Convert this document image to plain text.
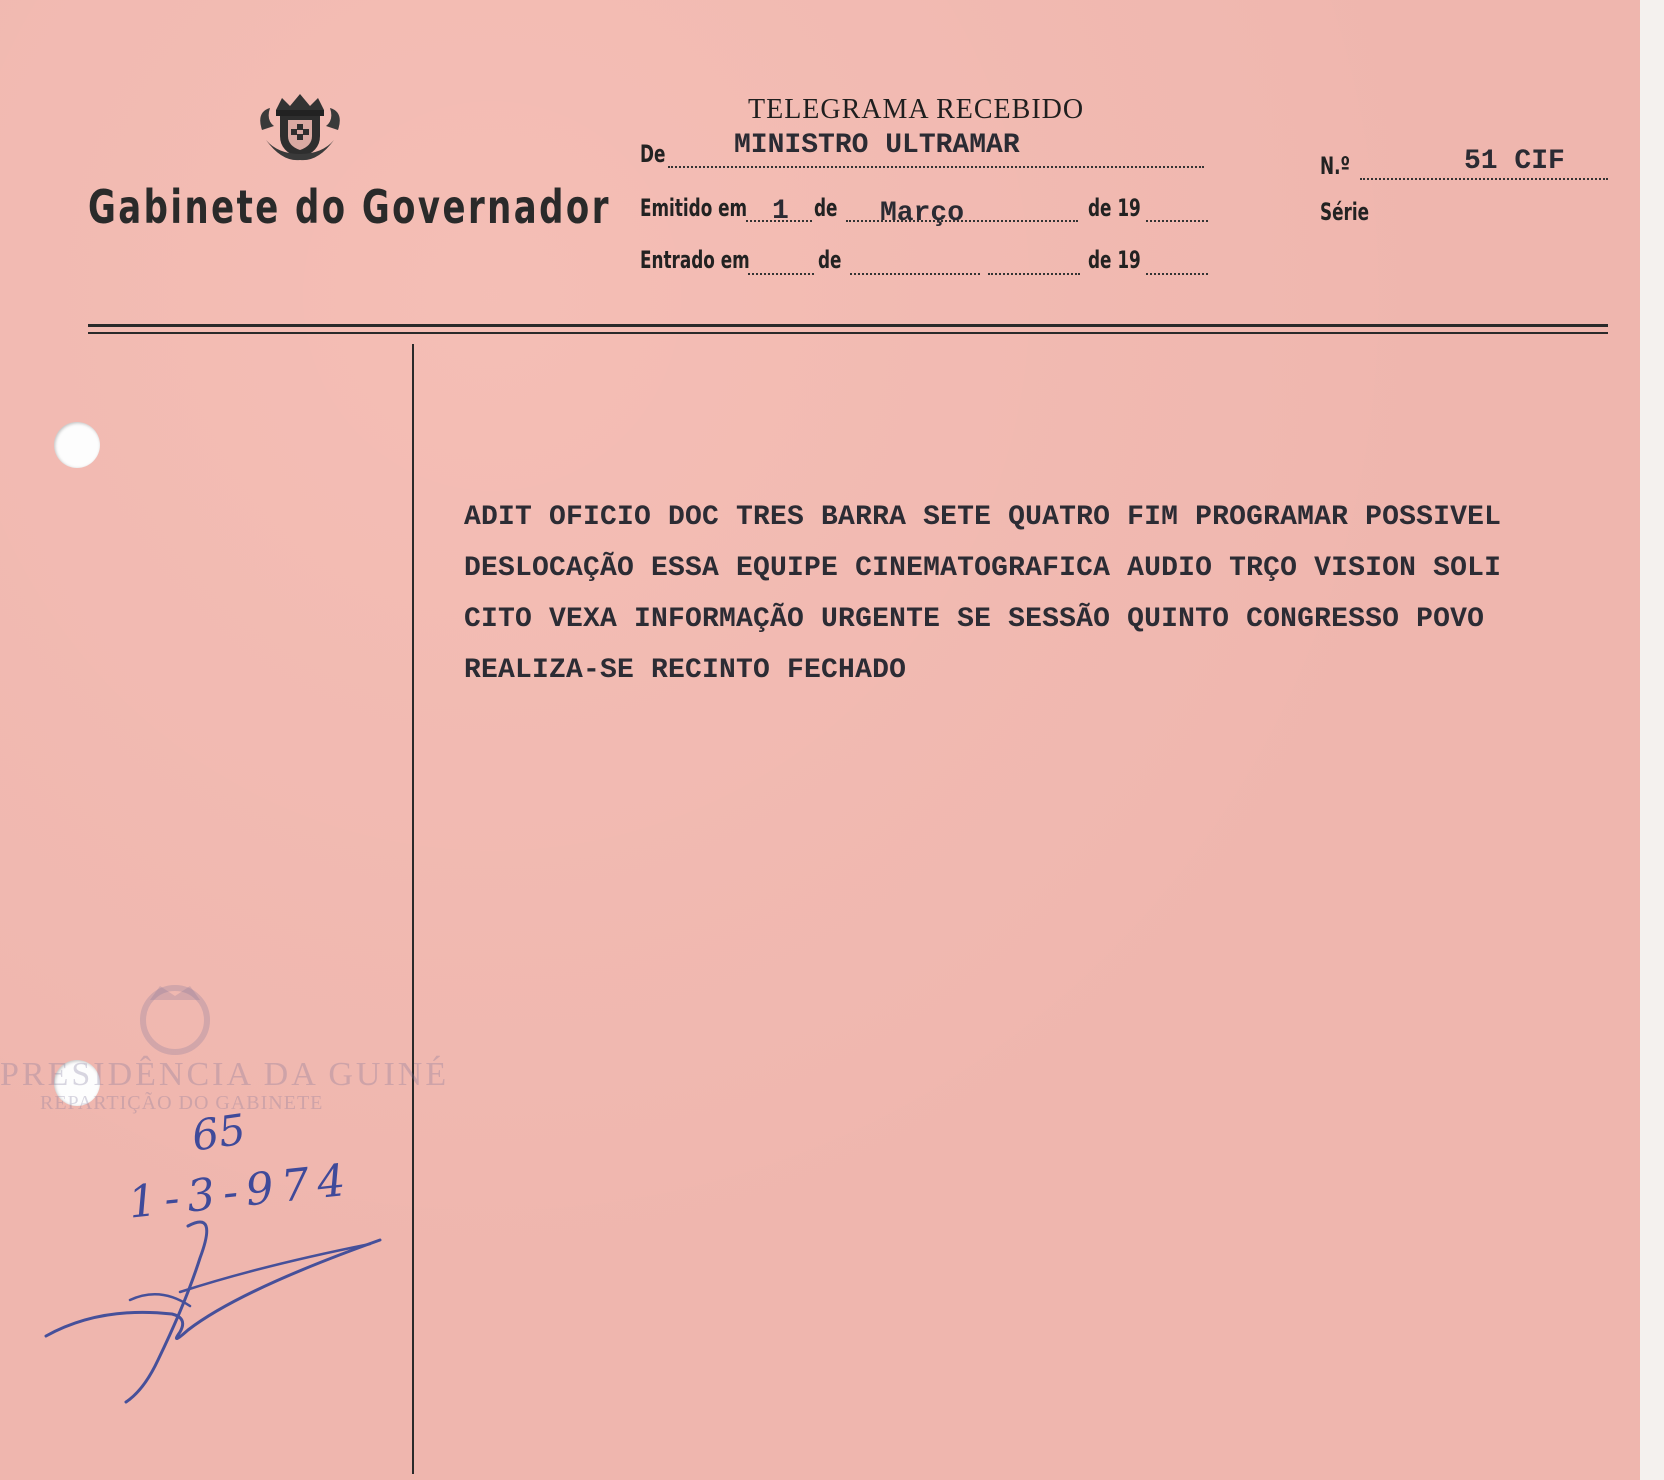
Gabinete do Governador
TELEGRAMA RECEBIDO
De MINISTRO ULTRAMAR
N.º	51 CIF
Série
Emitido em 1 de Março	de 19
Entrado em	de	de 19
ADIT OFICIO DOC TRES BARRA SETE QUATRO FIM PROGRAMAR POSSIVEL
DESLOCAÇÃO ESSA EQUIPE CINEMATOGRAFICA AUDIO TRÇO VISION SOLI
CITO VEXA INFORMAÇÃO URGENTE SE SESSÃO QUINTO CONGRESSO POVO
REALIZA-SE RECINTO FECHADO
PRESIDÊNCIA DA GUINÉ
REPARTIÇÃO DO GABINETE
65
1-3-974
